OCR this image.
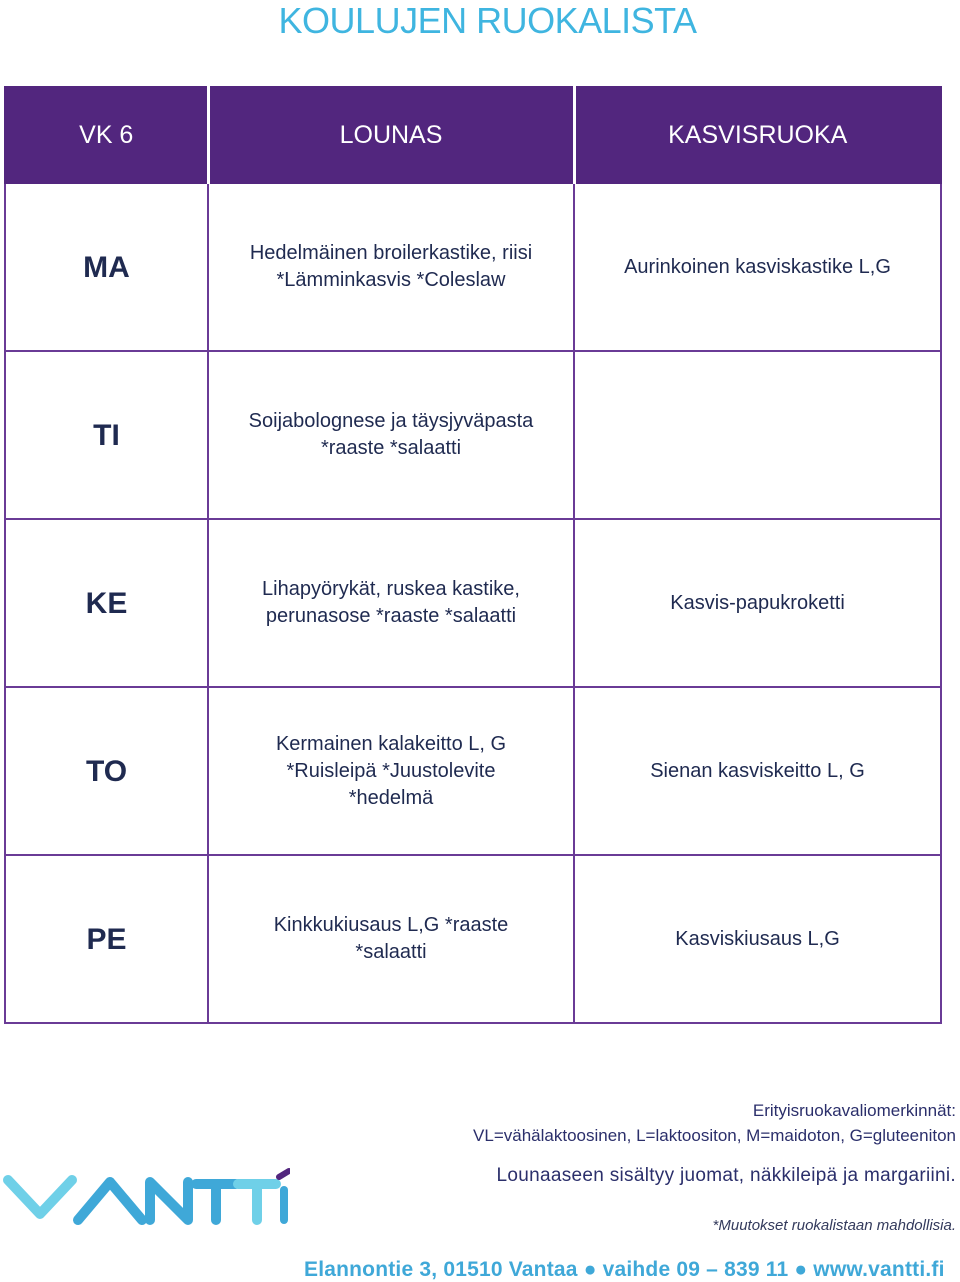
KOULUJEN RUOKALISTA
VK 6	LOUNAS	KASVISRUOKA
MA	Hedelmäinen broilerkastike, riisi
*Lämminkasvis *Coleslaw	Aurinkoinen kasviskastike L,G

TI	Soijabolognese ja täysjyväpasta
*raaste *salaatti	

KE	Lihapyörykät, ruskea kastike,
perunasose *raaste *salaatti	Kasvis-papukroketti

TO	Kermainen kalakeitto L, G
*Ruisleipä *Juustolevite
*hedelmä	Sienan kasviskeitto L, G

PE	Kinkkukiusaus L,G *raaste
*salaatti	Kasviskiusaus L,G
Erityisruokavaliomerkinnät:
VL=vähälaktoosinen, L=laktoositon, M=maidoton, G=gluteeniton
Lounaaseen sisältyy juomat, näkkileipä ja margariini.
*Muutokset ruokalistaan mahdollisia.
Elannontie 3, 01510 Vantaa ● vaihde 09 – 839 11 ● www.vantti.fi
